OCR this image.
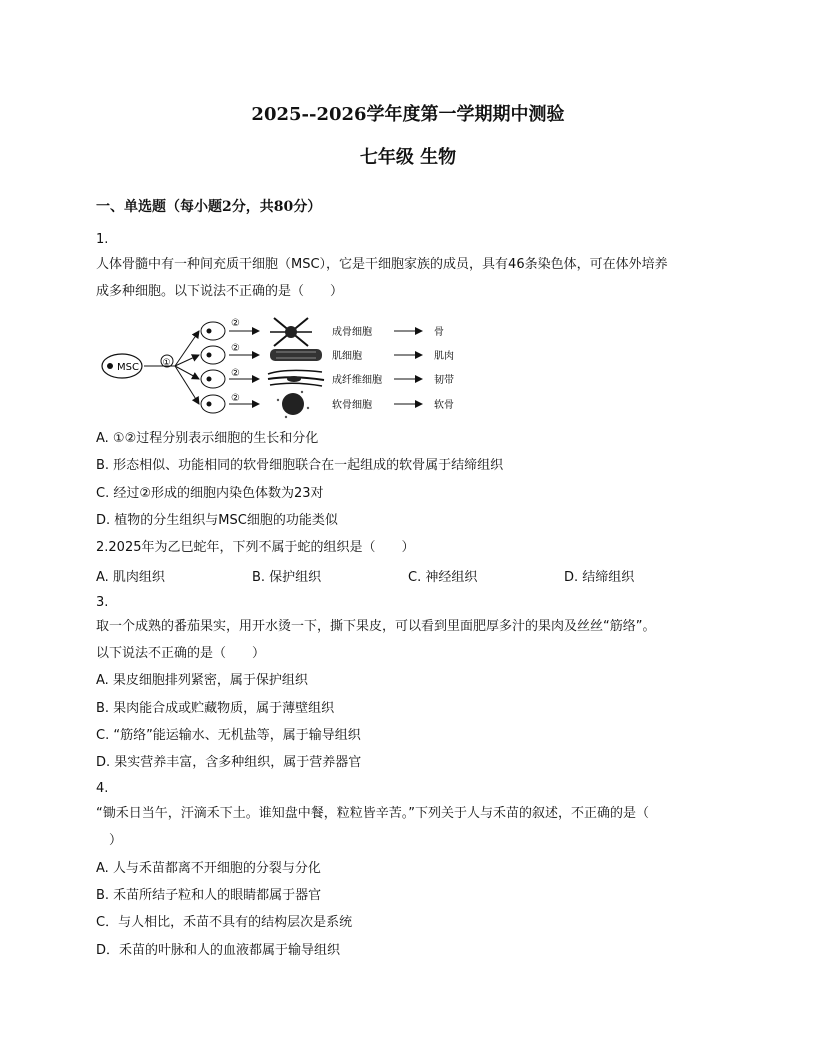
2025--2026学年度第一学期期中测验
七年级 生物
一、单选题（每小题2分，共80分）
1.
人体骨髓中有一种间充质干细胞（MSC），它是干细胞家族的成员，具有46条染色体，可在体外培养
成多种细胞。以下说法不正确的是（　　）
MSC	①
②
成骨细胞	骨
②
肌细胞	肌肉
②
成纤维细胞	韧带
②
软骨细胞	软骨
A. ①②过程分别表示细胞的生长和分化
B. 形态相似、功能相同的软骨细胞联合在一起组成的软骨属于结缔组织
C. 经过②形成的细胞内染色体数为23对
D. 植物的分生组织与MSC细胞的功能类似
2.2025年为乙巳蛇年，下列不属于蛇的组织是（　　）
A. 肌肉组织	B. 保护组织	C. 神经组织	D. 结缔组织
3.
取一个成熟的番茄果实，用开水烫一下，撕下果皮，可以看到里面肥厚多汁的果肉及丝丝“筋络”。
以下说法不正确的是（　　）
A. 果皮细胞排列紧密，属于保护组织
B. 果肉能合成或贮藏物质，属于薄壁组织
C. “筋络”能运输水、无机盐等，属于输导组织
D. 果实营养丰富，含多种组织，属于营养器官
4.
“锄禾日当午，汗滴禾下土。谁知盘中餐，粒粒皆辛苦。”下列关于人与禾苗的叙述，不正确的是（
　）
A. 人与禾苗都离不开细胞的分裂与分化
B. 禾苗所结子粒和人的眼睛都属于器官
C．与人相比，禾苗不具有的结构层次是系统
D．禾苗的叶脉和人的血液都属于输导组织
